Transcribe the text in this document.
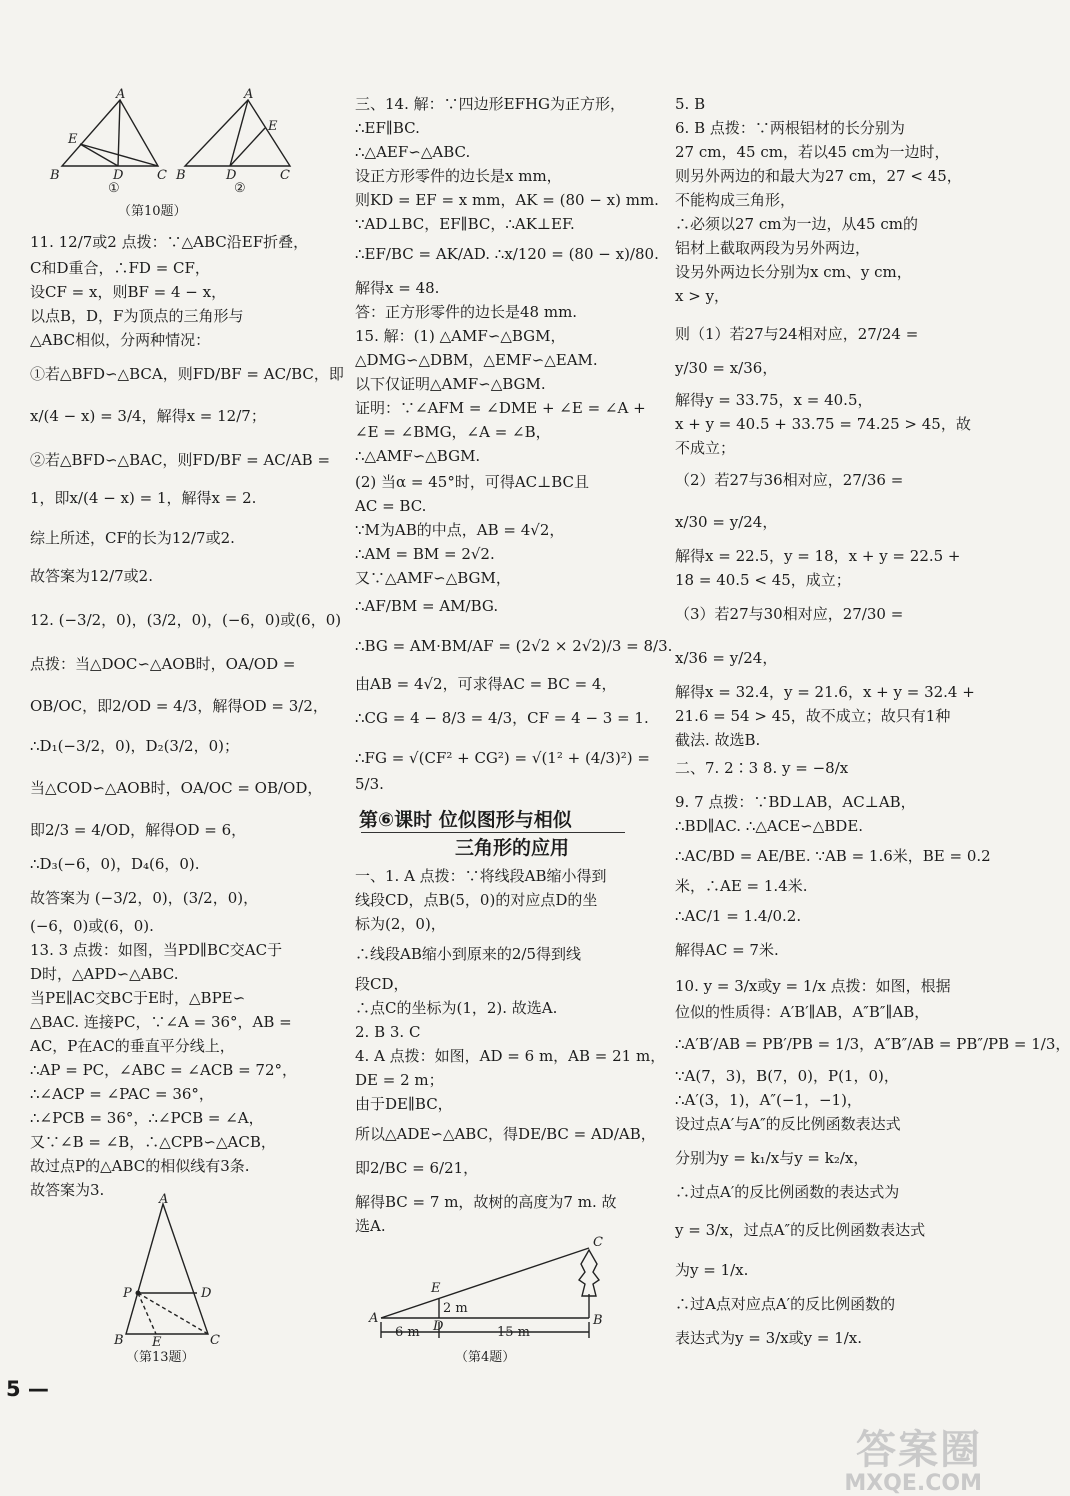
A
E
B	D	C
A
E
B	D	C
①	②
（第10题）
11. 12/7或2 点拨：∵△ABC沿EF折叠，
C和D重合，∴FD = CF，
设CF = x，则BF = 4 − x，
以点B，D，F为顶点的三角形与
△ABC相似，分两种情况：
①若△BFD∽△BCA，则FD/BF = AC/BC，即
x/(4 − x) = 3/4，解得x = 12/7；
②若△BFD∽△BAC，则FD/BF = AC/AB =
1，即x/(4 − x) = 1，解得x = 2.
综上所述，CF的长为12/7或2.
故答案为12/7或2.
12. (−3/2，0)，(3/2，0)，(−6，0)或(6，0)
点拨：当△DOC∽△AOB时，OA/OD =
OB/OC，即2/OD = 4/3，解得OD = 3/2，
∴D₁(−3/2，0)，D₂(3/2，0)；
当△COD∽△AOB时，OA/OC = OB/OD，
即2/3 = 4/OD，解得OD = 6，
∴D₃(−6，0)，D₄(6，0).
故答案为 (−3/2，0)，(3/2，0)，
(−6，0)或(6，0).
13. 3 点拨：如图，当PD∥BC交AC于
D时，△APD∽△ABC.
当PE∥AC交BC于E时，△BPE∽
△BAC. 连接PC，∵∠A = 36°，AB =
AC，P在AC的垂直平分线上，
∴AP = PC，∠ABC = ∠ACB = 72°，
∴∠ACP = ∠PAC = 36°，
∴∠PCB = 36°，∴∠PCB = ∠A，
又∵∠B = ∠B，∴△CPB∽△ACB，
故过点P的△ABC的相似线有3条.
故答案为3.
A
P	D
B E	C
（第13题）
三、14. 解：∵四边形EFHG为正方形，
∴EF∥BC.
∴△AEF∽△ABC.
设正方形零件的边长是x mm，
则KD = EF = x mm，AK = (80 − x) mm.
∵AD⊥BC，EF∥BC，∴AK⊥EF.
∴EF/BC = AK/AD. ∴x/120 = (80 − x)/80.
解得x = 48.
答：正方形零件的边长是48 mm.
15. 解：(1) △AMF∽△BGM，
△DMG∽△DBM，△EMF∽△EAM.
以下仅证明△AMF∽△BGM.
证明：∵∠AFM = ∠DME + ∠E = ∠A +
∠E = ∠BMG，∠A = ∠B，
∴△AMF∽△BGM.
(2) 当α = 45°时，可得AC⊥BC且
AC = BC.
∵M为AB的中点，AB = 4√2，
∴AM = BM = 2√2.
又∵△AMF∽△BGM，
∴AF/BM = AM/BG.
∴BG = AM·BM/AF = (2√2 × 2√2)/3 = 8/3.
由AB = 4√2，可求得AC = BC = 4，
∴CG = 4 − 8/3 = 4/3，CF = 4 − 3 = 1.
∴FG = √(CF² + CG²) = √(1² + (4/3)²) =
5/3.
第⑥课时 位似图形与相似
三角形的应用
一、1. A 点拨：∵将线段AB缩小得到
线段CD，点B(5，0)的对应点D的坐
标为(2，0)，
∴线段AB缩小到原来的2/5得到线
段CD，
∴点C的坐标为(1，2). 故选A.
2. B 3. C
4. A 点拨：如图，AD = 6 m，AB = 21 m，
DE = 2 m；
由于DE∥BC，
所以△ADE∽△ABC，得DE/BC = AD/AB，
即2/BC = 6/21，
解得BC = 7 m，故树的高度为7 m. 故
选A.
A
E
D
C
B
2 m
6 m	15 m
（第4题）
5. B
6. B 点拨：∵两根铝材的长分别为
27 cm，45 cm，若以45 cm为一边时，
则另外两边的和最大为27 cm，27 < 45，
不能构成三角形，
∴必须以27 cm为一边，从45 cm的
铝材上截取两段为另外两边，
设另外两边长分别为x cm、y cm，
x > y，
则（1）若27与24相对应，27/24 =
y/30 = x/36，
解得y = 33.75，x = 40.5，
x + y = 40.5 + 33.75 = 74.25 > 45，故
不成立；
（2）若27与36相对应，27/36 =
x/30 = y/24，
解得x = 22.5，y = 18，x + y = 22.5 +
18 = 40.5 < 45，成立；
（3）若27与30相对应，27/30 =
x/36 = y/24，
解得x = 32.4，y = 21.6，x + y = 32.4 +
21.6 = 54 > 45，故不成立；故只有1种
截法. 故选B.
二、7. 2∶3 8. y = −8/x
9. 7 点拨：∵BD⊥AB，AC⊥AB，
∴BD∥AC. ∴△ACE∽△BDE.
∴AC/BD = AE/BE. ∵AB = 1.6米，BE = 0.2
米，∴AE = 1.4米.
∴AC/1 = 1.4/0.2.
解得AC = 7米.
10. y = 3/x或y = 1/x 点拨：如图，根据
位似的性质得：A′B′∥AB，A″B″∥AB，
∴A′B′/AB = PB′/PB = 1/3，A″B″/AB = PB″/PB = 1/3，
∵A(7，3)，B(7，0)，P(1，0)，
∴A′(3，1)，A″(−1，−1)，
设过点A′与A″的反比例函数表达式
分别为y = k₁/x与y = k₂/x，
∴过点A′的反比例函数的表达式为
y = 3/x，过点A″的反比例函数表达式
为y = 1/x.
∴过A点对应点A′的反比例函数的
表达式为y = 3/x或y = 1/x.
5 —
答案圈
MXQE.COM
